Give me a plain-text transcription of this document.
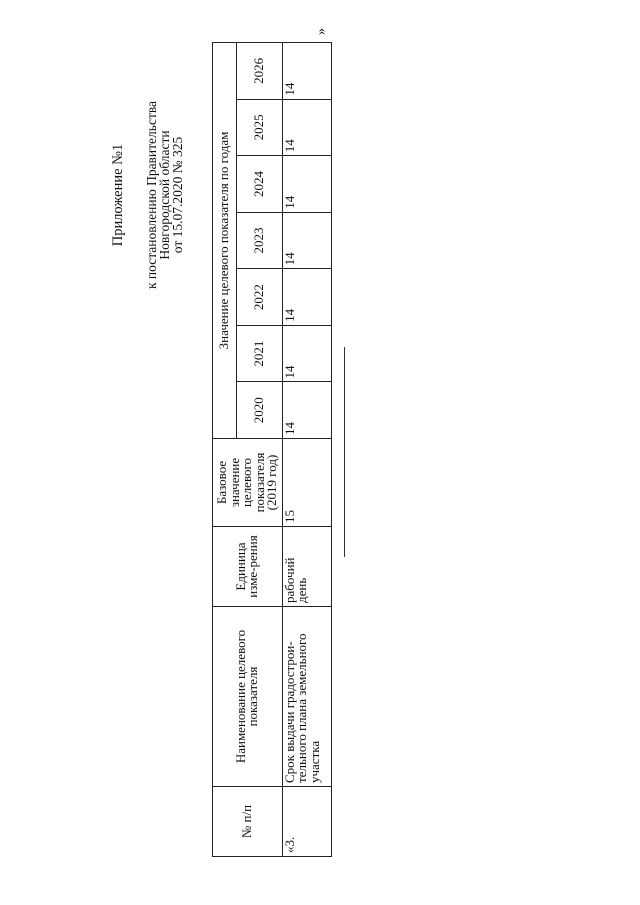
Приложение №1 к постановлению Правительства
Новгородской области
от 15.07.2020 № 325
»
№ п/п	Наименование целевого показателя	Единица изме-рения	Базовое значение целевого показателя (2019 год)	Значение целевого показателя по годам						
				2020	2021	2022	2023	2024	2025	2026
«3.	Срок выдачи градострои-тельного плана земельного участка	рабочий день	15	14	14	14	14	14	14	14
